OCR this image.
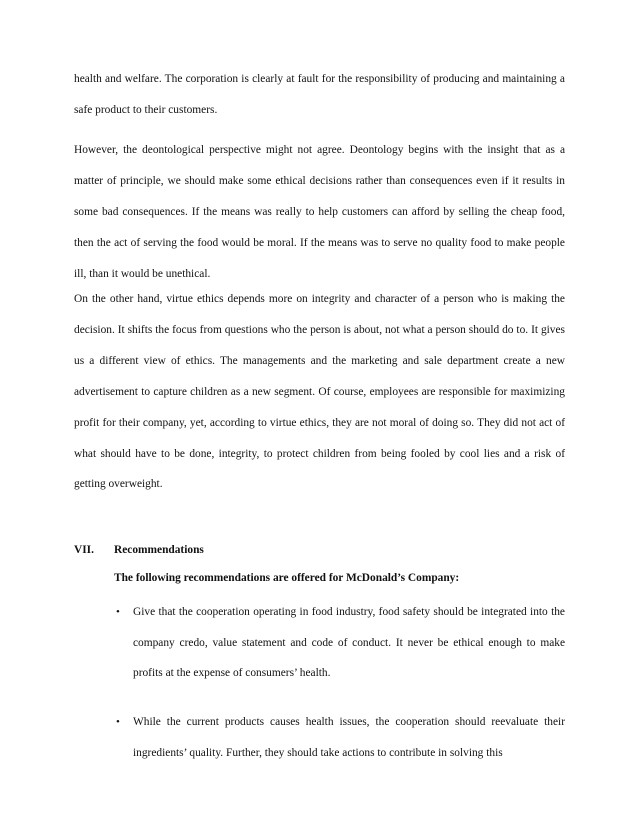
health and welfare. The corporation is clearly at fault for the responsibility of producing and maintaining a safe product to their customers.

However, the deontological perspective might not agree. Deontology begins with the insight that as a matter of principle, we should make some ethical decisions rather than consequences even if it results in some bad consequences. If the means was really to help customers can afford by selling the cheap food, then the act of serving the food would be moral. If the means was to serve no quality food to make people ill, than it would be unethical.

On the other hand, virtue ethics depends more on integrity and character of a person who is making the decision. It shifts the focus from questions who the person is about, not what a person should do to. It gives us a different view of ethics. The managements and the marketing and sale department create a new advertisement to capture children as a new segment. Of course, employees are responsible for maximizing profit for their company, yet, according to virtue ethics, they are not moral of doing so. They did not act of what should have to be done, integrity, to protect children from being fooled by cool lies and a risk of getting overweight.

VII. Recommendations
The following recommendations are offered for McDonald’s Company:
• Give that the cooperation operating in food industry, food safety should be integrated into the company credo, value statement and code of conduct. It never be ethical enough to make profits at the expense of consumers’ health.

• While the current products causes health issues, the cooperation should reevaluate their ingredients’ quality. Further, they should take actions to contribute in solving this
